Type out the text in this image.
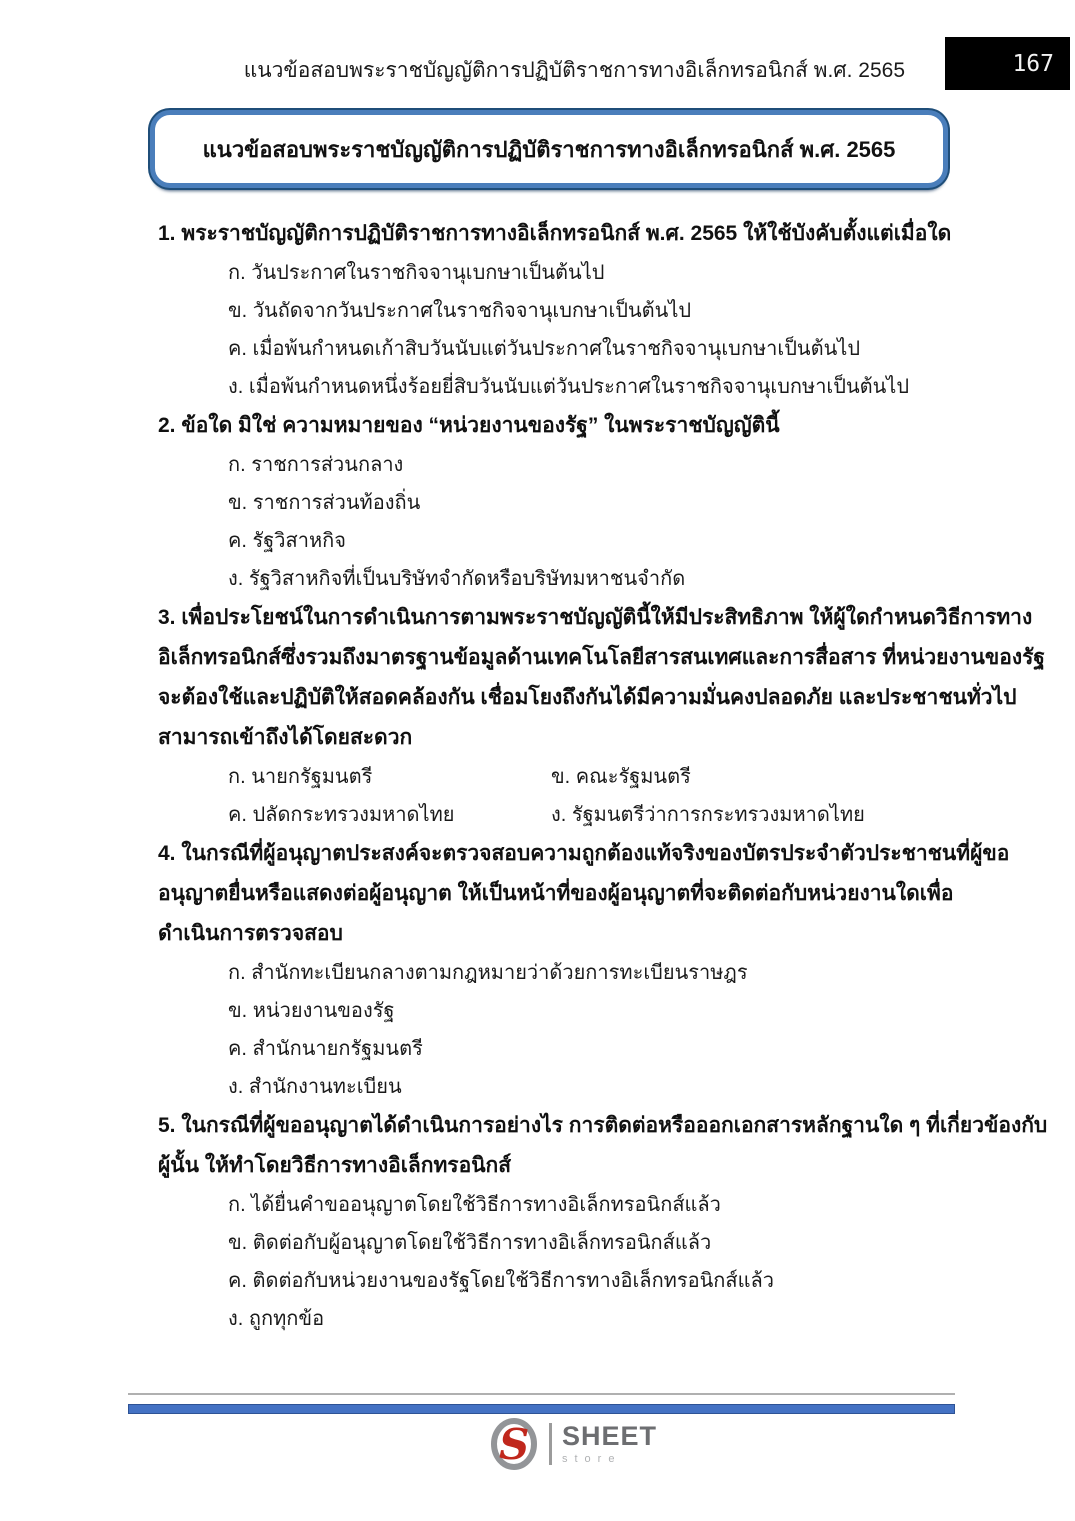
แนวข้อสอบพระราชบัญญัติการปฏิบัติราชการทางอิเล็กทรอนิกส์ พ.ศ. 2565	167
แนวข้อสอบพระราชบัญญัติการปฏิบัติราชการทางอิเล็กทรอนิกส์ พ.ศ. 2565
1. พระราชบัญญัติการปฏิบัติราชการทางอิเล็กทรอนิกส์ พ.ศ. 2565 ให้ใช้บังคับตั้งแต่เมื่อใด
ก. วันประกาศในราชกิจจานุเบกษาเป็นต้นไป
ข. วันถัดจากวันประกาศในราชกิจจานุเบกษาเป็นต้นไป
ค. เมื่อพ้นกำหนดเก้าสิบวันนับแต่วันประกาศในราชกิจจานุเบกษาเป็นต้นไป
ง. เมื่อพ้นกำหนดหนึ่งร้อยยี่สิบวันนับแต่วันประกาศในราชกิจจานุเบกษาเป็นต้นไป
2. ข้อใด มิใช่ ความหมายของ “หน่วยงานของรัฐ” ในพระราชบัญญัตินี้
ก. ราชการส่วนกลาง
ข. ราชการส่วนท้องถิ่น
ค. รัฐวิสาหกิจ
ง. รัฐวิสาหกิจที่เป็นบริษัทจำกัดหรือบริษัทมหาชนจำกัด
3. เพื่อประโยชน์ในการดำเนินการตามพระราชบัญญัตินี้ให้มีประสิทธิภาพ ให้ผู้ใดกำหนดวิธีการทาง
อิเล็กทรอนิกส์ซึ่งรวมถึงมาตรฐานข้อมูลด้านเทคโนโลยีสารสนเทศและการสื่อสาร ที่หน่วยงานของรัฐ
จะต้องใช้และปฏิบัติให้สอดคล้องกัน เชื่อมโยงถึงกันได้มีความมั่นคงปลอดภัย และประชาชนทั่วไป
สามารถเข้าถึงได้โดยสะดวก
ก. นายกรัฐมนตรี	ข. คณะรัฐมนตรี
ค. ปลัดกระทรวงมหาดไทย	ง. รัฐมนตรีว่าการกระทรวงมหาดไทย
4. ในกรณีที่ผู้อนุญาตประสงค์จะตรวจสอบความถูกต้องแท้จริงของบัตรประจำตัวประชาชนที่ผู้ขอ
อนุญาตยื่นหรือแสดงต่อผู้อนุญาต ให้เป็นหน้าที่ของผู้อนุญาตที่จะติดต่อกับหน่วยงานใดเพื่อ
ดำเนินการตรวจสอบ
ก. สำนักทะเบียนกลางตามกฎหมายว่าด้วยการทะเบียนราษฎร
ข. หน่วยงานของรัฐ
ค. สำนักนายกรัฐมนตรี
ง. สำนักงานทะเบียน
5. ในกรณีที่ผู้ขออนุญาตได้ดำเนินการอย่างไร การติดต่อหรือออกเอกสารหลักฐานใด ๆ ที่เกี่ยวข้องกับ
ผู้นั้น ให้ทำโดยวิธีการทางอิเล็กทรอนิกส์
ก. ได้ยื่นคำขออนุญาตโดยใช้วิธีการทางอิเล็กทรอนิกส์แล้ว
ข. ติดต่อกับผู้อนุญาตโดยใช้วิธีการทางอิเล็กทรอนิกส์แล้ว
ค. ติดต่อกับหน่วยงานของรัฐโดยใช้วิธีการทางอิเล็กทรอนิกส์แล้ว
ง. ถูกทุกข้อ
S SHEET
store
